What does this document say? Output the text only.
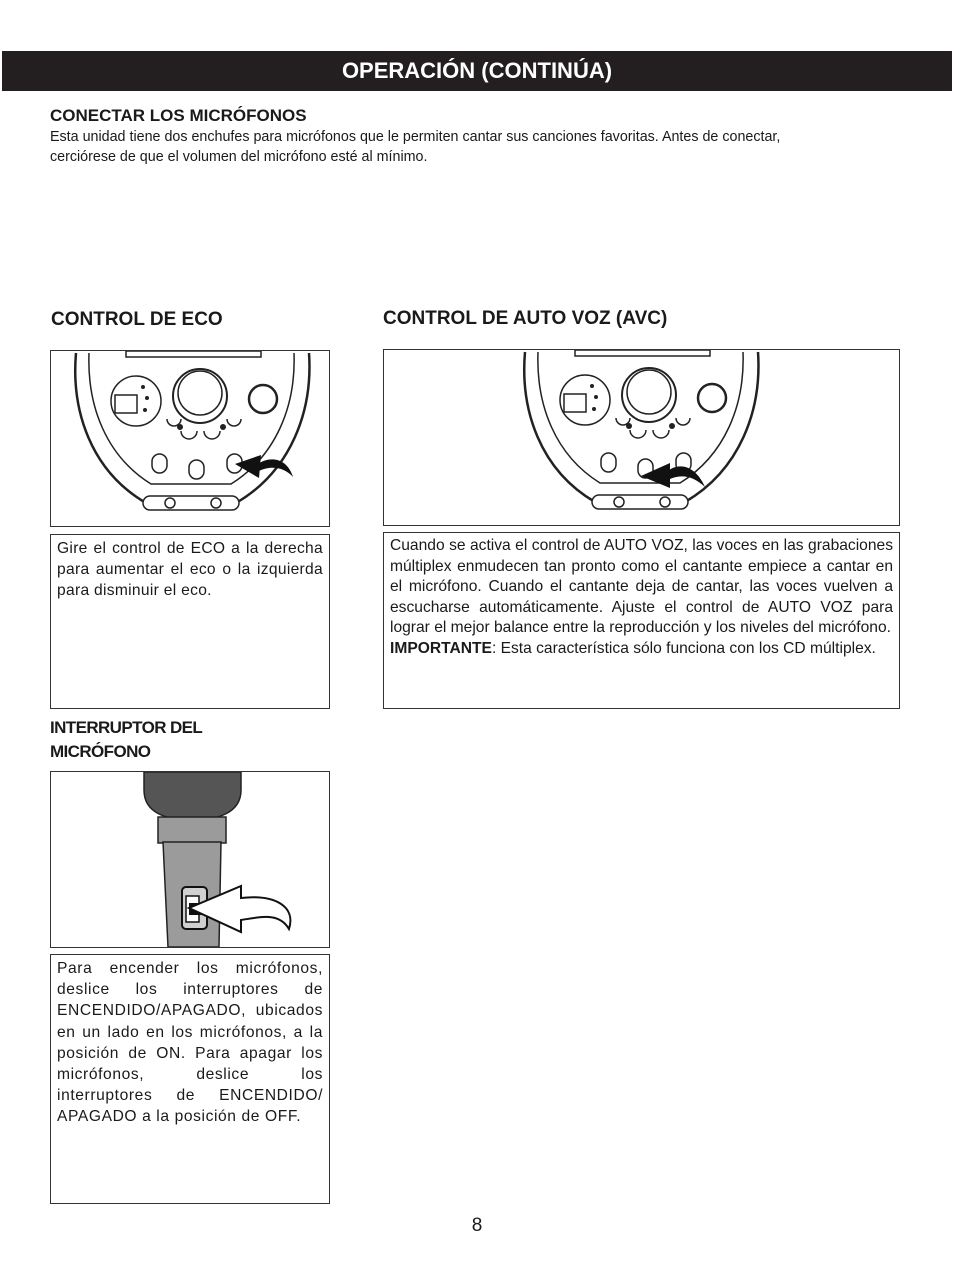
OPERACIÓN (CONTINÚA)
CONECTAR LOS MICRÓFONOS
Esta unidad tiene dos enchufes para micrófonos que le permiten cantar sus canciones favoritas. Antes de conectar,
cerciórese de que el volumen del micrófono esté al mínimo.
CONTROL DE ECO	CONTROL DE AUTO VOZ (AVC)

Gire el control de ECO a la derecha para aumentar el eco o la izquierda para disminuir el eco.

Cuando se activa el control de AUTO VOZ, las voces en las grabaciones múltiplex enmudecen tan pronto como el cantante empiece a cantar en el micrófono. Cuando el cantante deja de cantar, las voces vuelven a escucharse automáticamente. Ajuste el control de AUTO VOZ para lograr el mejor balance entre la reproducción y los niveles del micrófono.

IMPORTANTE: Esta característica sólo funciona con los CD múltiplex.

INTERRUPTOR DEL
MICRÓFONO

Para encender los micrófonos, deslice los interruptores de ENCENDIDO/APAGADO, ubicados en un lado en los micrófonos, a la posición de ON. Para apagar los micrófonos, deslice los interruptores de ENCENDIDO/ APAGADO a la posición de OFF.

8
